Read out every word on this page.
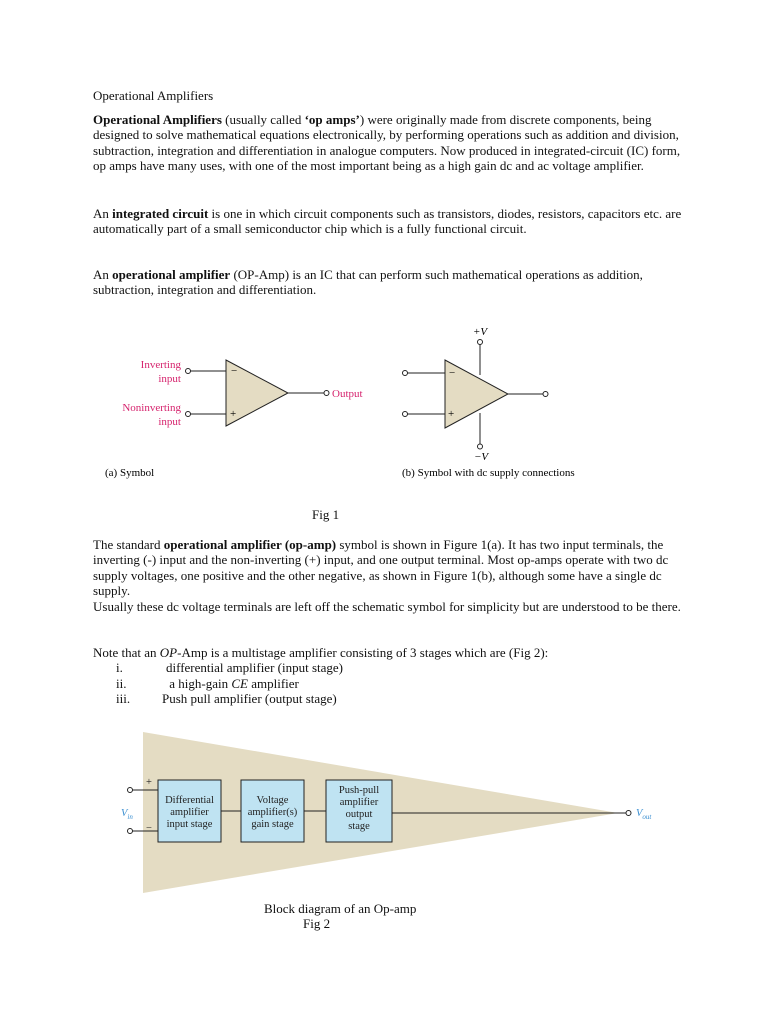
Operational Amplifiers
Operational Amplifiers (usually called ‘op amps’) were originally made from discrete components, being designed to solve mathematical equations electronically, by performing operations such as addition and division, subtraction, integration and differentiation in analogue computers. Now produced in integrated-circuit (IC) form, op amps have many uses, with one of the most important being as a high gain dc and ac voltage amplifier.
An integrated circuit is one in which circuit components such as transistors, diodes, resistors, capacitors etc. are automatically part of a small semiconductor chip which is a fully functional circuit.
An operational amplifier (OP-Amp) is an IC that can perform such mathematical operations as addition, subtraction, integration and differentiation.
Inverting
input
Noninverting
input
−
+
Output
(a) Symbol
+V
−
+
−V
(b) Symbol with dc supply connections
Fig 1
The standard operational amplifier (op-amp) symbol is shown in Figure 1(a). It has two input terminals, the inverting (-) input and the non-inverting (+) input, and one output terminal. Most op-amps operate with two dc supply voltages, one positive and the other negative, as shown in Figure 1(b), although some have a single dc supply.
Usually these dc voltage terminals are left off the schematic symbol for simplicity but are understood to be there.
Note that an OP-Amp is a multistage amplifier consisting of 3 stages which are (Fig 2):
i.	differential amplifier (input stage)
ii.	a high-gain CE amplifier
iii. Push pull amplifier (output stage)
+
−
$V_{in}$
Differential
amplifier
input stage
Voltage
amplifier(s)
gain stage
Push-pull
amplifier
output
stage
$V_{out}$
Block diagram of an Op-amp
Fig 2
